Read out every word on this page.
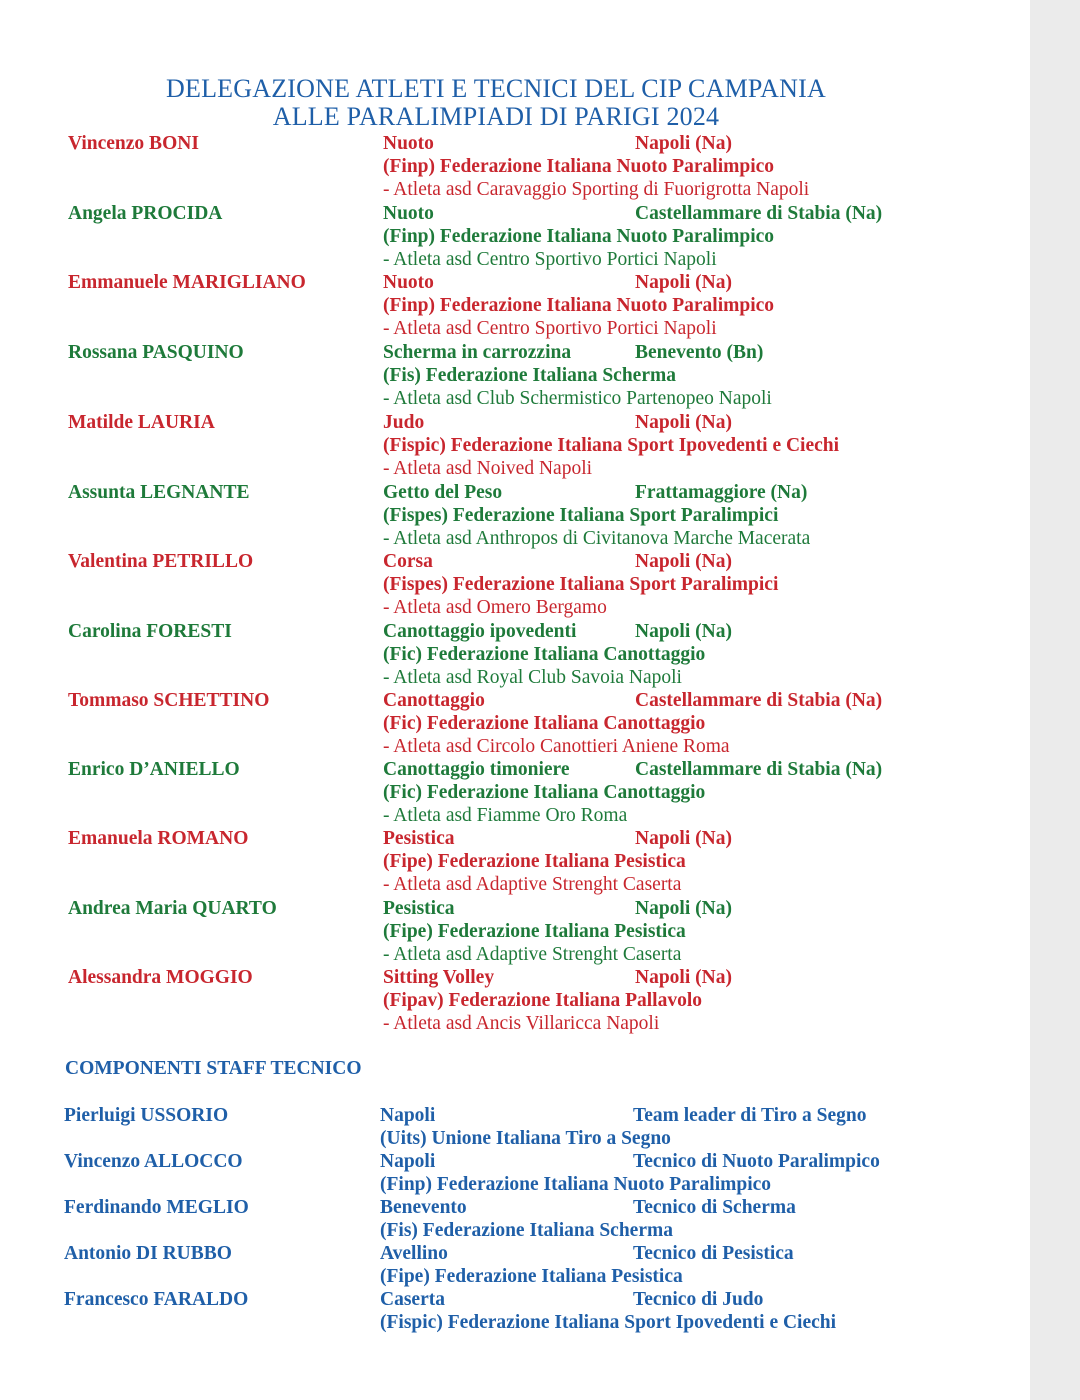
DELEGAZIONE ATLETI E TECNICI DEL CIP CAMPANIA
ALLE PARALIMPIADI DI PARIGI 2024
Vincenzo BONI	Nuoto	Napoli (Na)
(Finp) Federazione Italiana Nuoto Paralimpico
- Atleta asd Caravaggio Sporting di Fuorigrotta Napoli
Angela PROCIDA	Nuoto	Castellammare di Stabia (Na)
(Finp) Federazione Italiana Nuoto Paralimpico
- Atleta asd Centro Sportivo Portici Napoli
Emmanuele MARIGLIANO	Nuoto	Napoli (Na)
(Finp) Federazione Italiana Nuoto Paralimpico
- Atleta asd Centro Sportivo Portici Napoli
Rossana PASQUINO	Scherma in carrozzina	Benevento (Bn)
(Fis) Federazione Italiana Scherma
- Atleta asd Club Schermistico Partenopeo Napoli
Matilde LAURIA	Judo	Napoli (Na)
(Fispic) Federazione Italiana Sport Ipovedenti e Ciechi
- Atleta asd Noived Napoli
Assunta LEGNANTE	Getto del Peso	Frattamaggiore (Na)
(Fispes) Federazione Italiana Sport Paralimpici
- Atleta asd Anthropos di Civitanova Marche Macerata
Valentina PETRILLO	Corsa	Napoli (Na)
(Fispes) Federazione Italiana Sport Paralimpici
- Atleta asd Omero Bergamo
Carolina FORESTI	Canottaggio ipovedenti	Napoli (Na)
(Fic) Federazione Italiana Canottaggio
- Atleta asd Royal Club Savoia Napoli
Tommaso SCHETTINO	Canottaggio	Castellammare di Stabia (Na)
(Fic) Federazione Italiana Canottaggio
- Atleta asd Circolo Canottieri Aniene Roma
Enrico D’ANIELLO	Canottaggio timoniere	Castellammare di Stabia (Na)
(Fic) Federazione Italiana Canottaggio
- Atleta asd Fiamme Oro Roma
Emanuela ROMANO	Pesistica	Napoli (Na)
(Fipe) Federazione Italiana Pesistica
- Atleta asd Adaptive Strenght Caserta
Andrea Maria QUARTO	Pesistica	Napoli (Na)
(Fipe) Federazione Italiana Pesistica
- Atleta asd Adaptive Strenght Caserta
Alessandra MOGGIO	Sitting Volley	Napoli (Na)
(Fipav) Federazione Italiana Pallavolo
- Atleta asd Ancis Villaricca Napoli
COMPONENTI STAFF TECNICO
Pierluigi USSORIO	Napoli	Team leader di Tiro a Segno
(Uits) Unione Italiana Tiro a Segno
Vincenzo ALLOCCO	Napoli	Tecnico di Nuoto Paralimpico
(Finp) Federazione Italiana Nuoto Paralimpico
Ferdinando MEGLIO	Benevento	Tecnico di Scherma
(Fis) Federazione Italiana Scherma
Antonio DI RUBBO	Avellino	Tecnico di Pesistica
(Fipe) Federazione Italiana Pesistica
Francesco FARALDO	Caserta	Tecnico di Judo
(Fispic) Federazione Italiana Sport Ipovedenti e Ciechi
